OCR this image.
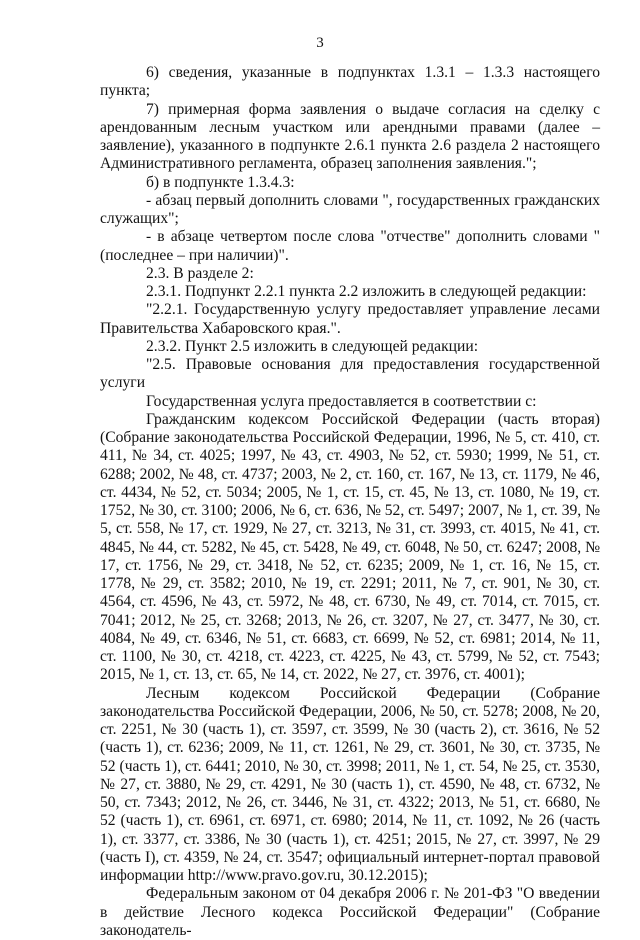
3

6) сведения, указанные в подпунктах 1.3.1 – 1.3.3 настоящего пункта;

7) примерная форма заявления о выдаче согласия на сделку с арендованным лесным участком или арендными правами (далее – заявление), указанного в подпункте 2.6.1 пункта 2.6 раздела 2 настоящего Административного регламента, образец заполнения заявления.";

б) в подпункте 1.3.4.3:

- абзац первый дополнить словами ", государственных гражданских служащих";

- в абзаце четвертом после слова "отчестве" дополнить словами "(последнее – при наличии)".

2.3. В разделе 2:

2.3.1. Подпункт 2.2.1 пункта 2.2 изложить в следующей редакции:

"2.2.1. Государственную услугу предоставляет управление лесами Правительства Хабаровского края.".

2.3.2. Пункт 2.5 изложить в следующей редакции:

"2.5. Правовые основания для предоставления государственной услуги

Государственная услуга предоставляется в соответствии с:

Гражданским кодексом Российской Федерации (часть вторая) (Собрание законодательства Российской Федерации, 1996, № 5, ст. 410, ст. 411, № 34, ст. 4025; 1997, № 43, ст. 4903, № 52, ст. 5930; 1999, № 51, ст. 6288; 2002, № 48, ст. 4737; 2003, № 2, ст. 160, ст. 167, № 13, ст. 1179, № 46, ст. 4434, № 52, ст. 5034; 2005, № 1, ст. 15, ст. 45, № 13, ст. 1080, № 19, ст. 1752, № 30, ст. 3100; 2006, № 6, ст. 636, № 52, ст. 5497; 2007, № 1, ст. 39, № 5, ст. 558, № 17, ст. 1929, № 27, ст. 3213, № 31, ст. 3993, ст. 4015, № 41, ст. 4845, № 44, ст. 5282, № 45, ст. 5428, № 49, ст. 6048, № 50, ст. 6247; 2008, № 17, ст. 1756, № 29, ст. 3418, № 52, ст. 6235; 2009, № 1, ст. 16, № 15, ст. 1778, № 29, ст. 3582; 2010, № 19, ст. 2291; 2011, № 7, ст. 901, № 30, ст. 4564, ст. 4596, № 43, ст. 5972, № 48, ст. 6730, № 49, ст. 7014, ст. 7015, ст. 7041; 2012, № 25, ст. 3268; 2013, № 26, ст. 3207, № 27, ст. 3477, № 30, ст. 4084, № 49, ст. 6346, № 51, ст. 6683, ст. 6699, № 52, ст. 6981; 2014, № 11, ст. 1100, № 30, ст. 4218, ст. 4223, ст. 4225, № 43, ст. 5799, № 52, ст. 7543; 2015, № 1, ст. 13, ст. 65, № 14, ст. 2022, № 27, ст. 3976, ст. 4001);

Лесным кодексом Российской Федерации (Собрание законодательства Российской Федерации, 2006, № 50, ст. 5278; 2008, № 20, ст. 2251, № 30 (часть 1), ст. 3597, ст. 3599, № 30 (часть 2), ст. 3616, № 52 (часть 1), ст. 6236; 2009, № 11, ст. 1261, № 29, ст. 3601, № 30, ст. 3735, № 52 (часть 1), ст. 6441; 2010, № 30, ст. 3998; 2011, № 1, ст. 54, № 25, ст. 3530, № 27, ст. 3880, № 29, ст. 4291, № 30 (часть 1), ст. 4590, № 48, ст. 6732, № 50, ст. 7343; 2012, № 26, ст. 3446, № 31, ст. 4322; 2013, № 51, ст. 6680, № 52 (часть 1), ст. 6961, ст. 6971, ст. 6980; 2014, № 11, ст. 1092, № 26 (часть 1), ст. 3377, ст. 3386, № 30 (часть 1), ст. 4251; 2015, № 27, ст. 3997, № 29 (часть I), ст. 4359, № 24, ст. 3547; официальный интернет-портал правовой информации http://www.pravo.gov.ru, 30.12.2015);

Федеральным законом от 04 декабря 2006 г. № 201-ФЗ "О введении в действие Лесного кодекса Российской Федерации" (Собрание законодатель-
